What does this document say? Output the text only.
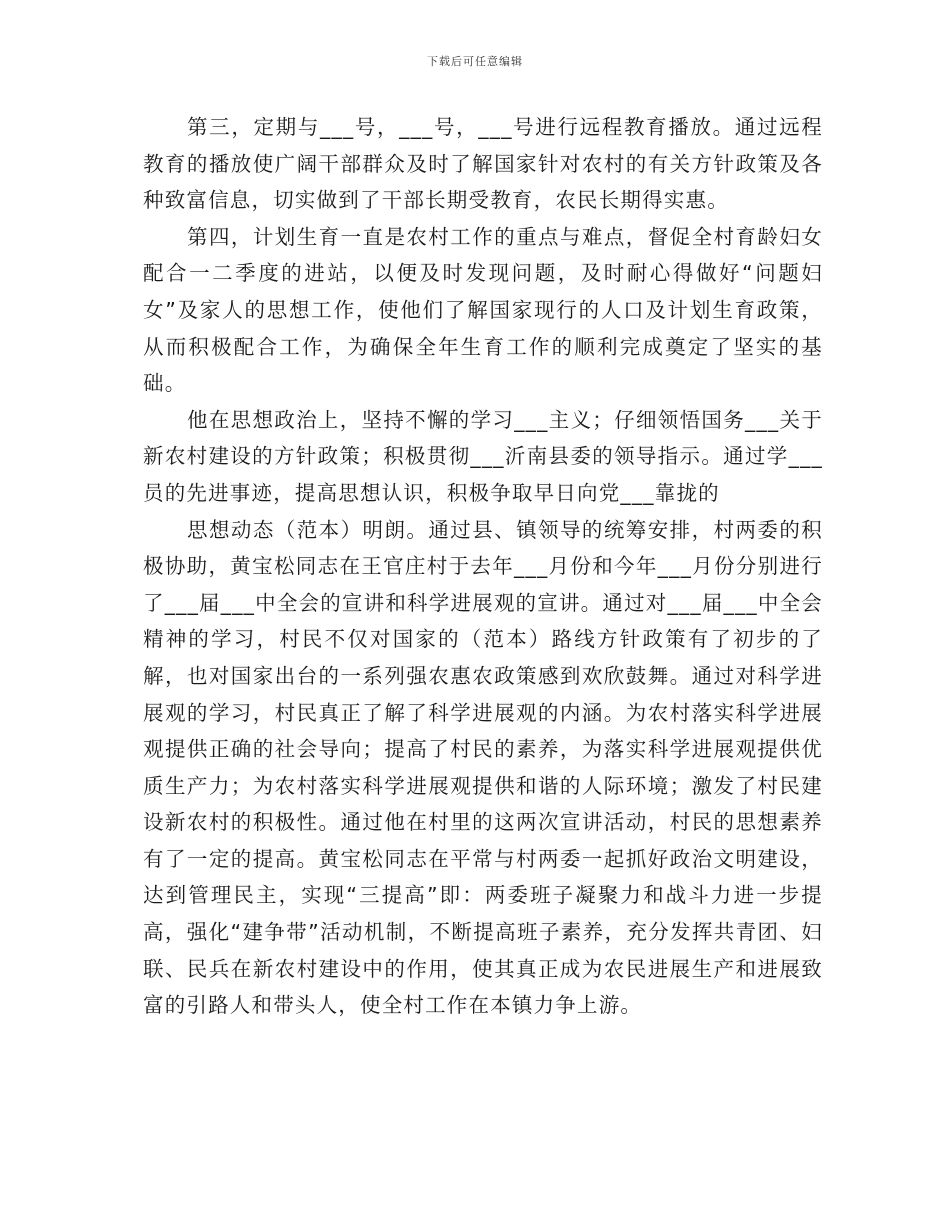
下载后可任意编辑

第三，定期与___号，___号，___号进行远程教育播放。通过远程教育的播放使广阔干部群众及时了解国家针对农村的有关方针政策及各种致富信息，切实做到了干部长期受教育，农民长期得实惠。

第四，计划生育一直是农村工作的重点与难点，督促全村育龄妇女配合一二季度的进站，以便及时发现问题，及时耐心得做好“问题妇女”及家人的思想工作，使他们了解国家现行的人口及计划生育政策，从而积极配合工作，为确保全年生育工作的顺利完成奠定了坚实的基础。

他在思想政治上，坚持不懈的学习___主义；仔细领悟国务___关于新农村建设的方针政策；积极贯彻___沂南县委的领导指示。通过学___员的先进事迹，提高思想认识，积极争取早日向党___靠拢的

思想动态（范本）明朗。通过县、镇领导的统筹安排，村两委的积极协助，黄宝松同志在王官庄村于去年___月份和今年___月份分别进行了___届___中全会的宣讲和科学进展观的宣讲。通过对___届___中全会精神的学习，村民不仅对国家的（范本）路线方针政策有了初步的了解，也对国家出台的一系列强农惠农政策感到欢欣鼓舞。通过对科学进展观的学习，村民真正了解了科学进展观的内涵。为农村落实科学进展观提供正确的社会导向；提高了村民的素养，为落实科学进展观提供优质生产力；为农村落实科学进展观提供和谐的人际环境；激发了村民建设新农村的积极性。通过他在村里的这两次宣讲活动，村民的思想素养有了一定的提高。黄宝松同志在平常与村两委一起抓好政治文明建设，达到管理民主，实现“三提高”即：两委班子凝聚力和战斗力进一步提高，强化“建争带”活动机制，不断提高班子素养，充分发挥共青团、妇联、民兵在新农村建设中的作用，使其真正成为农民进展生产和进展致富的引路人和带头人，使全村工作在本镇力争上游。
